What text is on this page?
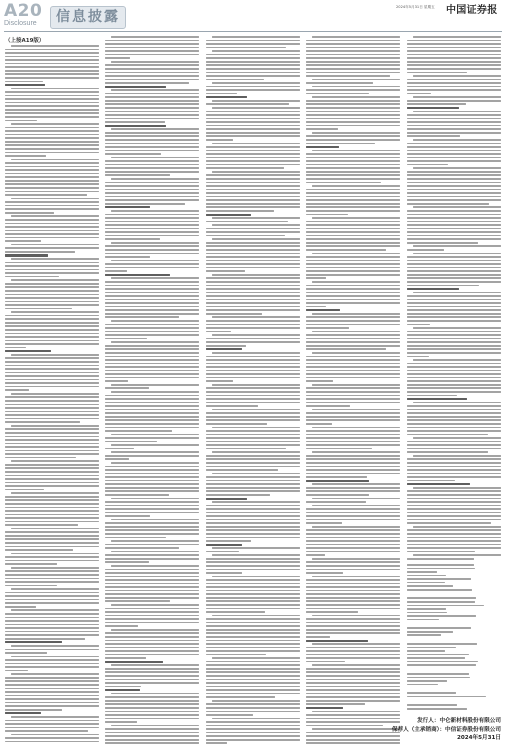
A20
Disclosure	信息披露
2024年5月31日 星期五 中国证券报
（上接A19版）
发行人：中仑新材料股份有限公司
保荐人（主承销商）：中信证券股份有限公司
2024年5月31日
